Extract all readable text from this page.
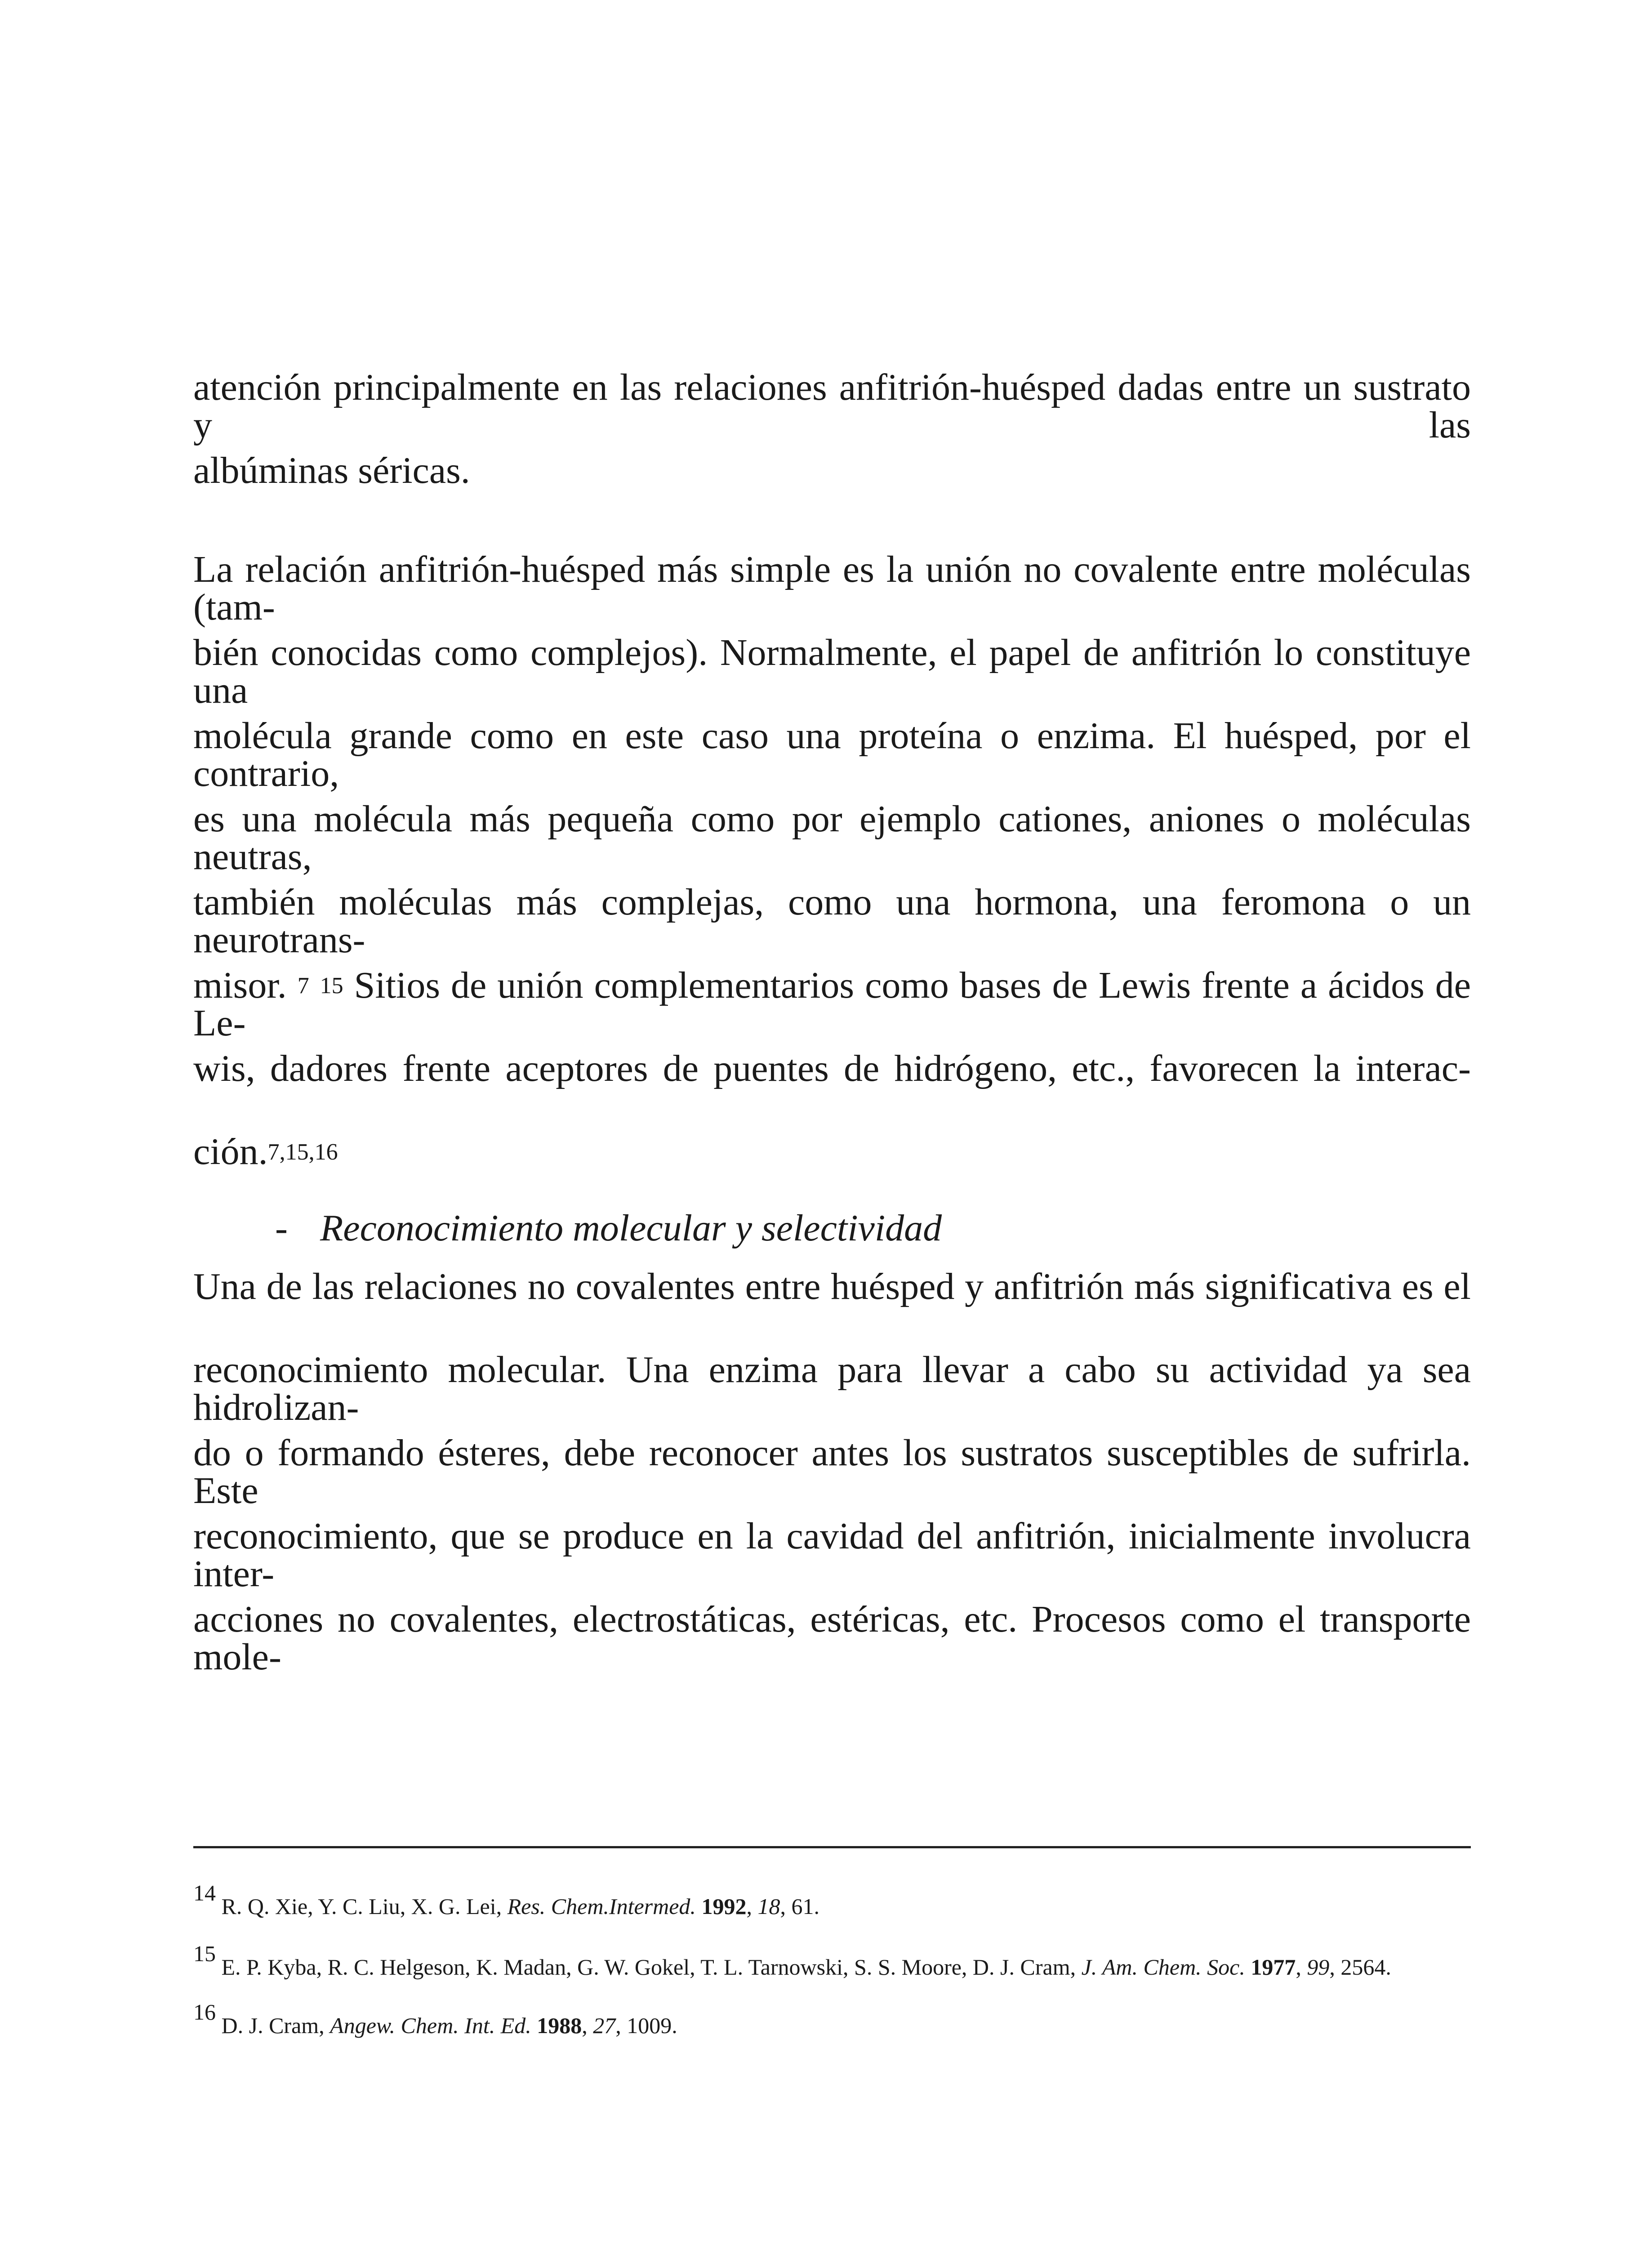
atención principalmente en las relaciones anfitrión-huésped dadas entre un sustrato y las
albúminas séricas.
La relación anfitrión-huésped más simple es la unión no covalente entre moléculas (tam-
bién conocidas como complejos). Normalmente, el papel de anfitrión lo constituye una
molécula grande como en este caso una proteína o enzima. El huésped, por el contrario,
es una molécula más pequeña como por ejemplo cationes, aniones o moléculas neutras,
también moléculas más complejas, como una hormona, una feromona o un neurotrans-
misor. $^7$ $^{15}$ Sitios de unión complementarios como bases de Lewis frente a ácidos de Le-
wis, dadores frente aceptores de puentes de hidrógeno, etc., favorecen la interac-
ción.$^{7,15,16}$
- Reconocimiento molecular y selectividad
Una de las relaciones no covalentes entre huésped y anfitrión más significativa es el
reconocimiento molecular. Una enzima para llevar a cabo su actividad ya sea hidrolizan-
do o formando ésteres, debe reconocer antes los sustratos susceptibles de sufrirla. Este
reconocimiento, que se produce en la cavidad del anfitrión, inicialmente involucra inter-
acciones no covalentes, electrostáticas, estéricas, etc. Procesos como el transporte mole-
14 R. Q. Xie, Y. C. Liu, X. G. Lei, Res. Chem.Intermed. 1992, 18, 61.
15 E. P. Kyba, R. C. Helgeson, K. Madan, G. W. Gokel, T. L. Tarnowski, S. S. Moore, D. J. Cram, J. Am. Chem. Soc. 1977, 99, 2564.
16 D. J. Cram, Angew. Chem. Int. Ed. 1988, 27, 1009.
